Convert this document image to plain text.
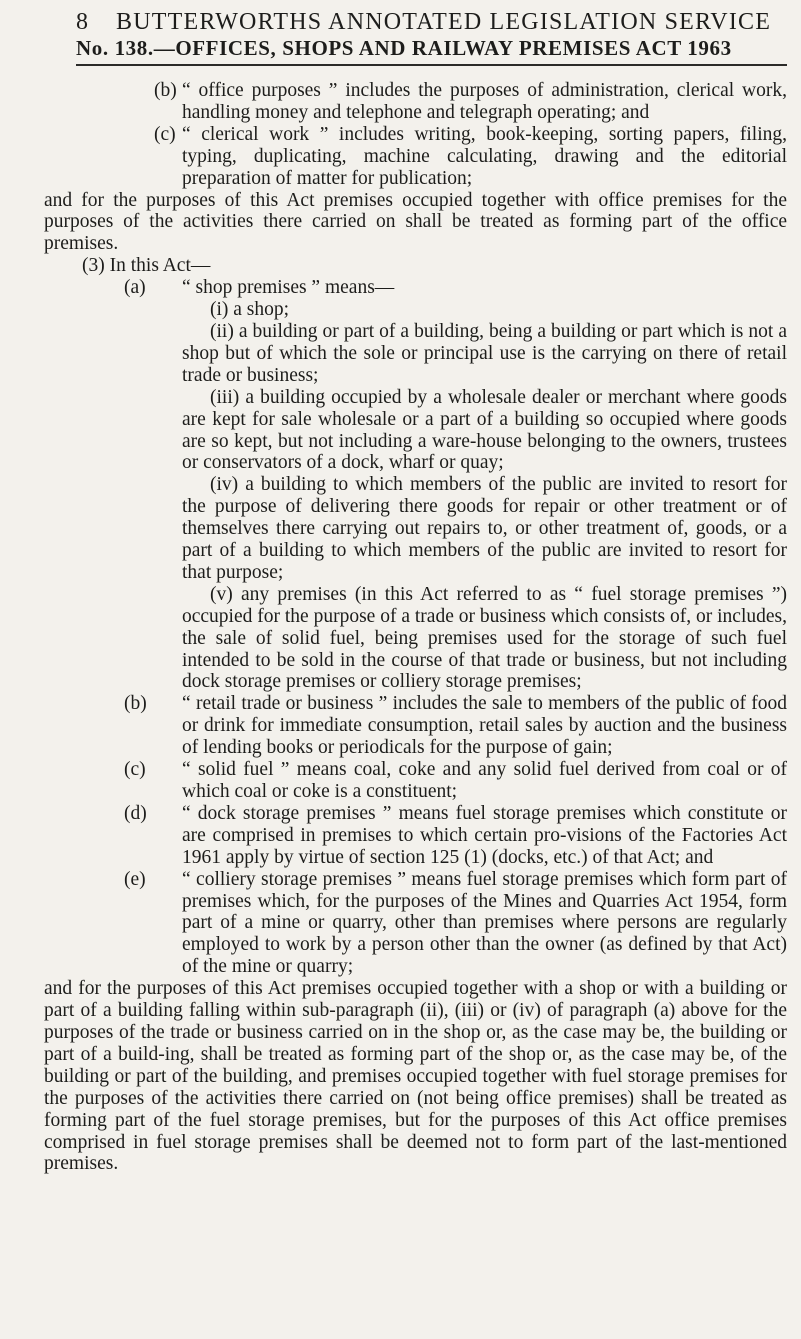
8 BUTTERWORTHS ANNOTATED LEGISLATION SERVICE
No. 138.—OFFICES, SHOPS AND RAILWAY PREMISES ACT 1963

(b) “ office purposes ” includes the purposes of administration, clerical work, handling money and telephone and telegraph operating; and

(c) “ clerical work ” includes writing, book-keeping, sorting papers, filing, typing, duplicating, machine calculating, drawing and the editorial preparation of matter for publication;

and for the purposes of this Act premises occupied together with office premises for the purposes of the activities there carried on shall be treated as forming part of the office premises.

(3) In this Act—

(a) “ shop premises ” means—

(i) a shop;

(ii) a building or part of a building, being a building or part which is not a shop but of which the sole or principal use is the carrying on there of retail trade or business;

(iii) a building occupied by a wholesale dealer or merchant where goods are kept for sale wholesale or a part of a building so occupied where goods are so kept, but not including a ware-house belonging to the owners, trustees or conservators of a dock, wharf or quay;

(iv) a building to which members of the public are invited to resort for the purpose of delivering there goods for repair or other treatment or of themselves there carrying out repairs to, or other treatment of, goods, or a part of a building to which members of the public are invited to resort for that purpose;

(v) any premises (in this Act referred to as “ fuel storage premises ”) occupied for the purpose of a trade or business which consists of, or includes, the sale of solid fuel, being premises used for the storage of such fuel intended to be sold in the course of that trade or business, but not including dock storage premises or colliery storage premises;

(b) “ retail trade or business ” includes the sale to members of the public of food or drink for immediate consumption, retail sales by auction and the business of lending books or periodicals for the purpose of gain;

(c) “ solid fuel ” means coal, coke and any solid fuel derived from coal or of which coal or coke is a constituent;

(d) “ dock storage premises ” means fuel storage premises which constitute or are comprised in premises to which certain pro-visions of the Factories Act 1961 apply by virtue of section 125 (1) (docks, etc.) of that Act; and

(e) “ colliery storage premises ” means fuel storage premises which form part of premises which, for the purposes of the Mines and Quarries Act 1954, form part of a mine or quarry, other than premises where persons are regularly employed to work by a person other than the owner (as defined by that Act) of the mine or quarry;

and for the purposes of this Act premises occupied together with a shop or with a building or part of a building falling within sub-paragraph (ii), (iii) or (iv) of paragraph (a) above for the purposes of the trade or business carried on in the shop or, as the case may be, the building or part of a build-ing, shall be treated as forming part of the shop or, as the case may be, of the building or part of the building, and premises occupied together with fuel storage premises for the purposes of the activities there carried on (not being office premises) shall be treated as forming part of the fuel storage premises, but for the purposes of this Act office premises comprised in fuel storage premises shall be deemed not to form part of the last-mentioned premises.
